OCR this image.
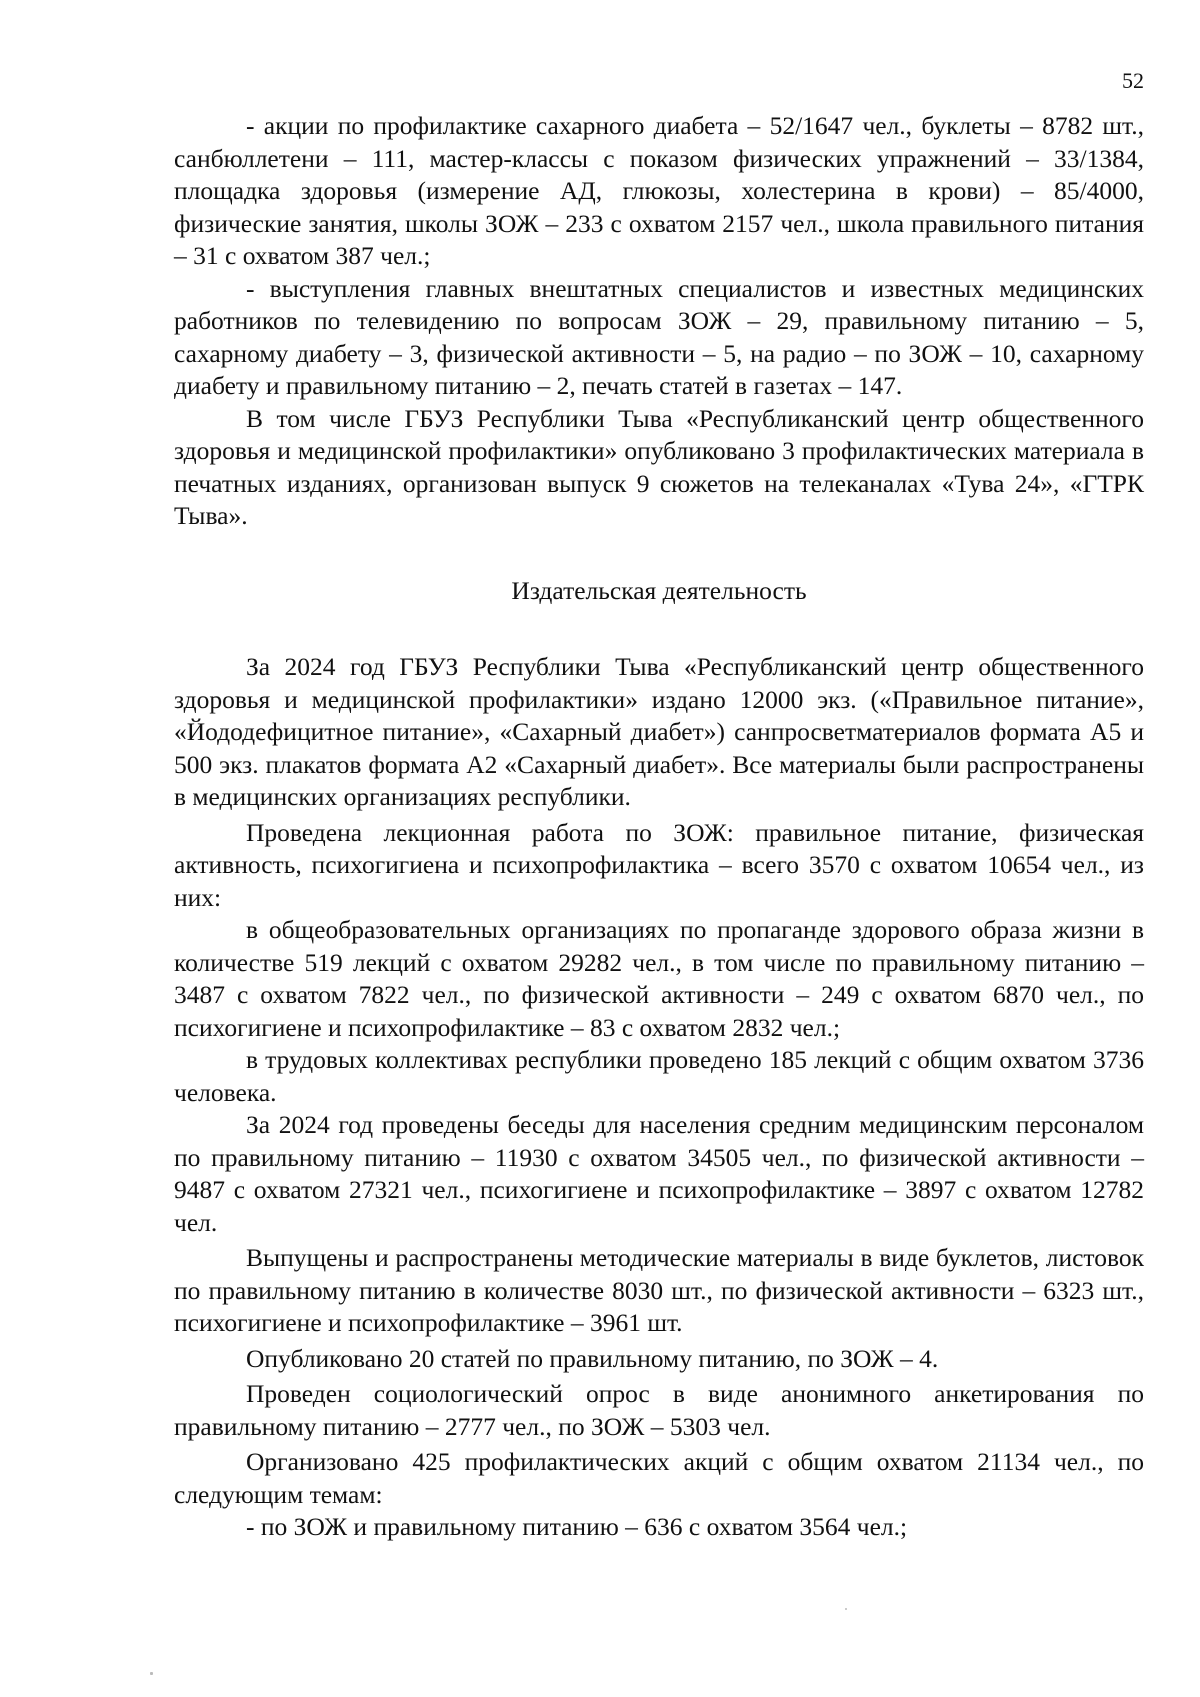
52

- акции по профилактике сахарного диабета – 52/1647 чел., буклеты – 8782 шт., санбюллетени – 111, мастер-классы с показом физических упражнений – 33/1384, площадка здоровья (измерение АД, глюкозы, холестерина в крови) – 85/4000, физические занятия, школы ЗОЖ – 233 с охватом 2157 чел., школа правильного питания – 31 с охватом 387 чел.;

- выступления главных внештатных специалистов и известных медицинских работников по телевидению по вопросам ЗОЖ – 29, правильному питанию – 5, сахарному диабету – 3, физической активности – 5, на радио – по ЗОЖ – 10, сахарному диабету и правильному питанию – 2, печать статей в газетах – 147.

В том числе ГБУЗ Республики Тыва «Республиканский центр общественного здоровья и медицинской профилактики» опубликовано 3 профилактических материала в печатных изданиях, организован выпуск 9 сюжетов на телеканалах «Тува 24», «ГТРК Тыва».

Издательская деятельность

За 2024 год ГБУЗ Республики Тыва «Республиканский центр общественного здоровья и медицинской профилактики» издано 12000 экз. («Правильное питание», «Йододефицитное питание», «Сахарный диабет») санпросветматериалов формата А5 и 500 экз. плакатов формата А2 «Сахарный диабет». Все материалы были распространены в медицинских организациях республики.

Проведена лекционная работа по ЗОЖ: правильное питание, физическая активность, психогигиена и психопрофилактика – всего 3570 с охватом 10654 чел., из них:

в общеобразовательных организациях по пропаганде здорового образа жизни в количестве 519 лекций с охватом 29282 чел., в том числе по правильному питанию – 3487 с охватом 7822 чел., по физической активности – 249 с охватом 6870 чел., по психогигиене и психопрофилактике – 83 с охватом 2832 чел.;

в трудовых коллективах республики проведено 185 лекций с общим охватом 3736 человека.

За 2024 год проведены беседы для населения средним медицинским персоналом по правильному питанию – 11930 с охватом 34505 чел., по физической активности – 9487 с охватом 27321 чел., психогигиене и психопрофилактике – 3897 с охватом 12782 чел.

Выпущены и распространены методические материалы в виде буклетов, листовок по правильному питанию в количестве 8030 шт., по физической активности – 6323 шт., психогигиене и психопрофилактике – 3961 шт.

Опубликовано 20 статей по правильному питанию, по ЗОЖ – 4.

Проведен социологический опрос в виде анонимного анкетирования по правильному питанию – 2777 чел., по ЗОЖ – 5303 чел.

Организовано 425 профилактических акций с общим охватом 21134 чел., по следующим темам:

- по ЗОЖ и правильному питанию – 636 с охватом 3564 чел.;
